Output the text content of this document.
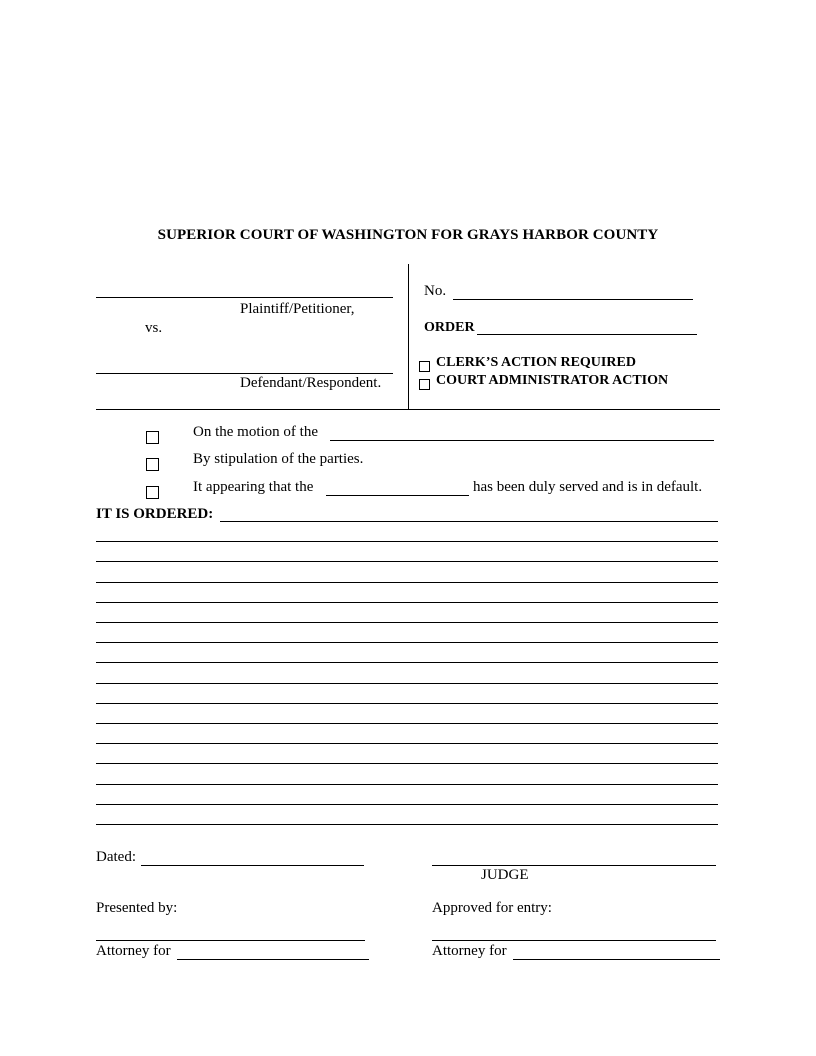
SUPERIOR COURT OF WASHINGTON FOR GRAYS HARBOR COUNTY
Plaintiff/Petitioner,
vs.
Defendant/Respondent.
No.
ORDER
CLERK’S ACTION REQUIRED
COURT ADMINISTRATOR ACTION
On the motion of the
By stipulation of the parties.
It appearing that the	has been duly served and is in default.
IT IS ORDERED:
Dated:
JUDGE
Presented by:	Approved for entry:
Attorney for	Attorney for
